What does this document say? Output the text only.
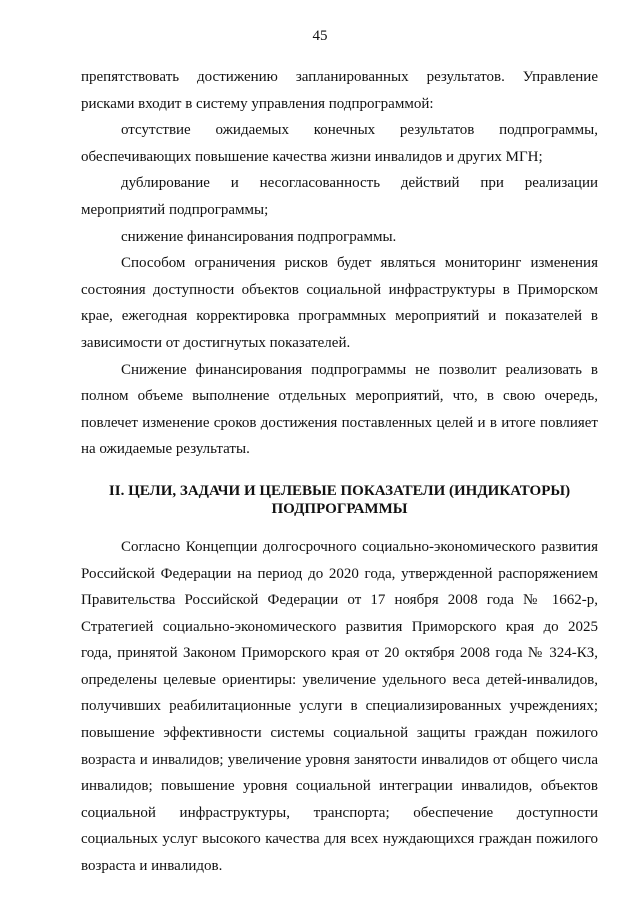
45

препятствовать достижению запланированных результатов. Управление рисками входит в систему управления подпрограммой:

отсутствие ожидаемых конечных результатов подпрограммы, обеспечивающих повышение качества жизни инвалидов и других МГН;

дублирование и несогласованность действий при реализации мероприятий подпрограммы;

снижение финансирования подпрограммы.

Способом ограничения рисков будет являться мониторинг изменения состояния доступности объектов социальной инфраструктуры в Приморском крае, ежегодная корректировка программных мероприятий и показателей в зависимости от достигнутых показателей.

Снижение финансирования подпрограммы не позволит реализовать в полном объеме выполнение отдельных мероприятий, что, в свою очередь, повлечет изменение сроков достижения поставленных целей и в итоге повлияет на ожидаемые результаты.

II. ЦЕЛИ, ЗАДАЧИ И ЦЕЛЕВЫЕ ПОКАЗАТЕЛИ (ИНДИКАТОРЫ)
ПОДПРОГРАММЫ

Согласно Концепции долгосрочного социально-экономического развития Российской Федерации на период до 2020 года, утвержденной распоряжением Правительства Российской Федерации от 17 ноября 2008 года № 1662-р, Стратегией социально-экономического развития Приморского края до 2025 года, принятой Законом Приморского края от 20 октября 2008 года № 324-КЗ, определены целевые ориентиры: увеличение удельного веса детей-инвалидов, получивших реабилитационные услуги в специализированных учреждениях; повышение эффективности системы социальной защиты граждан пожилого возраста и инвалидов; увеличение уровня занятости инвалидов от общего числа инвалидов; повышение уровня социальной интеграции инвалидов, объектов социальной инфраструктуры, транспорта; обеспечение доступности социальных услуг высокого качества для всех нуждающихся граждан пожилого возраста и инвалидов.
